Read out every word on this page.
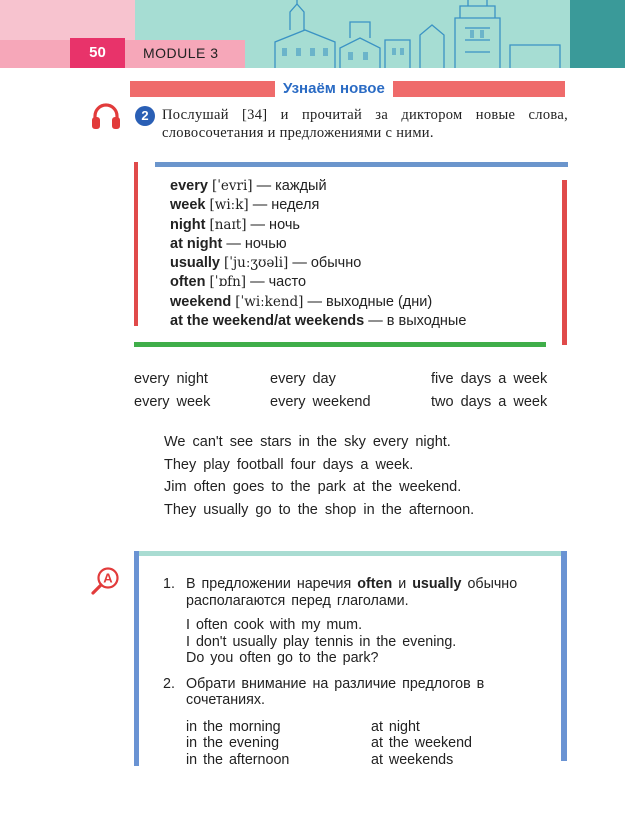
50	MODULE 3
Узнаём новое
2 Послушай [34] и прочитай за диктором новые слова, словосочетания и предложениями с ними.
every [ˈevri] — каждый
week [wiːk] — неделя
night [naɪt] — ночь
at night — ночью
usually [ˈjuːʒʊəli] — обычно
often [ˈɒfn] — часто
weekend [ˈwiːkend] — выходные (дни)
at the weekend/at weekends — в выходные
every night	every day	five days a week
every week	every weekend	two days a week
We can't see stars in the sky every night.
They play football four days a week.
Jim often goes to the park at the weekend.
They usually go to the shop in the afternoon.
A	1. В предложении наречия often и usually обычно располагаются перед глаголами.
I often cook with my mum.
I don't usually play tennis in the evening.
Do you often go to the park?
2. Обрати внимание на различие предлогов в сочетаниях.
in the morning	at night
in the evening	at the weekend
in the afternoon	at weekends
